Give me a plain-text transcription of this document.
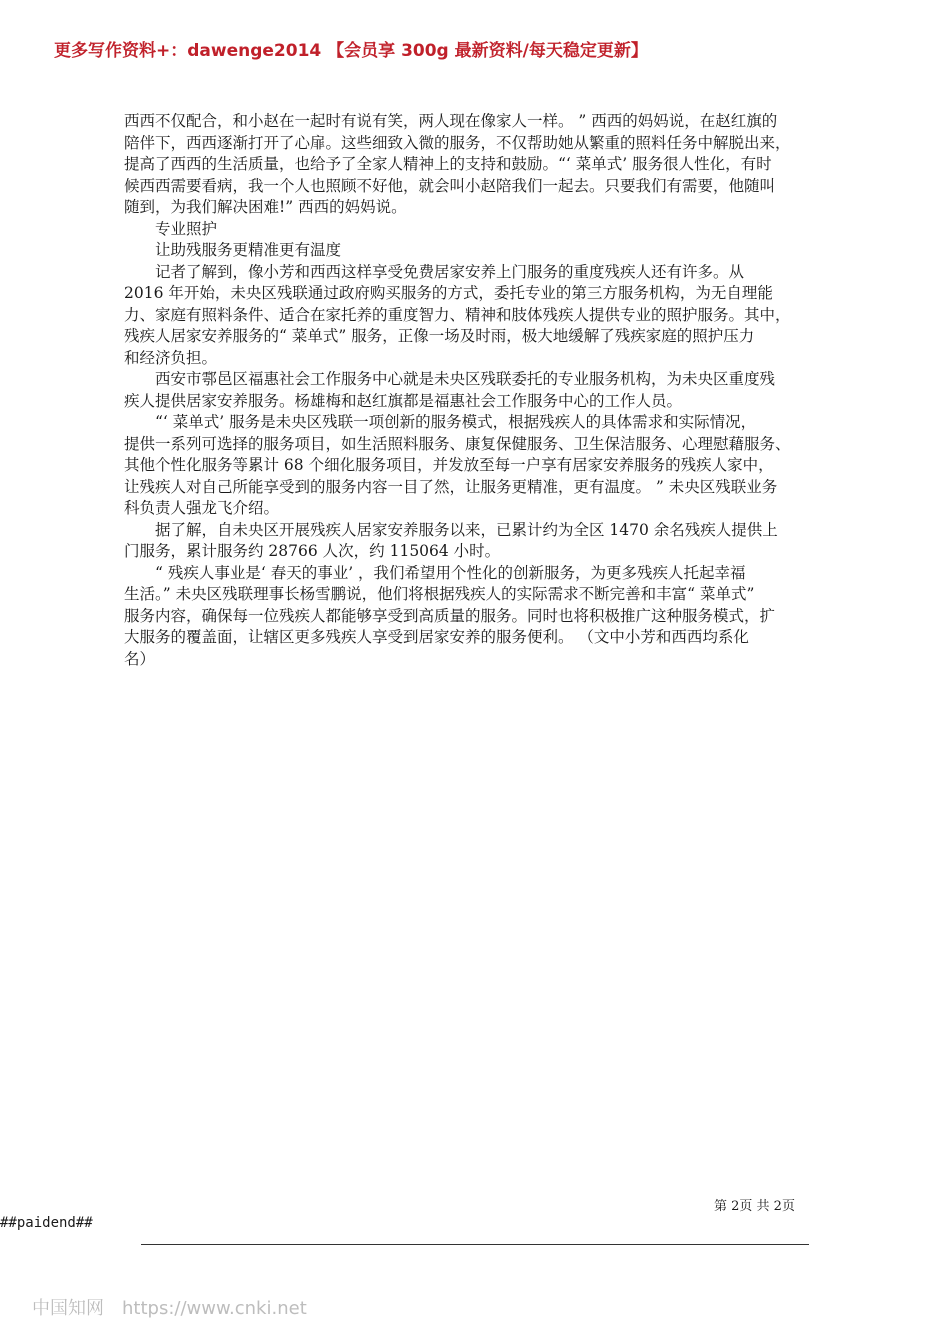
更多写作资料+：dawenge2014 【会员享 300g 最新资料/每天稳定更新】
西西不仅配合，和小赵在一起时有说有笑，两人现在像家人一样。 ” 西西的妈妈说，在赵红旗的
陪伴下，西西逐渐打开了心扉。这些细致入微的服务，不仅帮助她从繁重的照料任务中解脱出来，
提高了西西的生活质量，也给予了全家人精神上的支持和鼓励。“‘ 菜单式’ 服务很人性化，有时
候西西需要看病，我一个人也照顾不好他，就会叫小赵陪我们一起去。只要我们有需要，他随叫
随到，为我们解决困难!” 西西的妈妈说。
　　专业照护
　　让助残服务更精准更有温度
　　记者了解到，像小芳和西西这样享受免费居家安养上门服务的重度残疾人还有许多。从
2016 年开始，未央区残联通过政府购买服务的方式，委托专业的第三方服务机构，为无自理能
力、家庭有照料条件、适合在家托养的重度智力、精神和肢体残疾人提供专业的照护服务。其中，
残疾人居家安养服务的“ 菜单式” 服务，正像一场及时雨，极大地缓解了残疾家庭的照护压力
和经济负担。
　　西安市鄠邑区福惠社会工作服务中心就是未央区残联委托的专业服务机构，为未央区重度残
疾人提供居家安养服务。杨雄梅和赵红旗都是福惠社会工作服务中心的工作人员。
　　“‘ 菜单式’ 服务是未央区残联一项创新的服务模式，根据残疾人的具体需求和实际情况，
提供一系列可选择的服务项目，如生活照料服务、康复保健服务、卫生保洁服务、心理慰藉服务、
其他个性化服务等累计 68 个细化服务项目，并发放至每一户享有居家安养服务的残疾人家中，
让残疾人对自己所能享受到的服务内容一目了然，让服务更精准，更有温度。 ” 未央区残联业务
科负责人强龙飞介绍。
　　据了解，自未央区开展残疾人居家安养服务以来，已累计约为全区 1470 余名残疾人提供上
门服务，累计服务约 28766 人次，约 115064 小时。
　　“ 残疾人事业是‘ 春天的事业’ ，我们希望用个性化的创新服务，为更多残疾人托起幸福
生活。” 未央区残联理事长杨雪鹏说，他们将根据残疾人的实际需求不断完善和丰富“ 菜单式”
服务内容，确保每一位残疾人都能够享受到高质量的服务。同时也将积极推广这种服务模式，扩
大服务的覆盖面，让辖区更多残疾人享受到居家安养的服务便利。 （文中小芳和西西均系化
名）
第 2页 共 2页
##paidend##
中国知网 https://www.cnki.net
